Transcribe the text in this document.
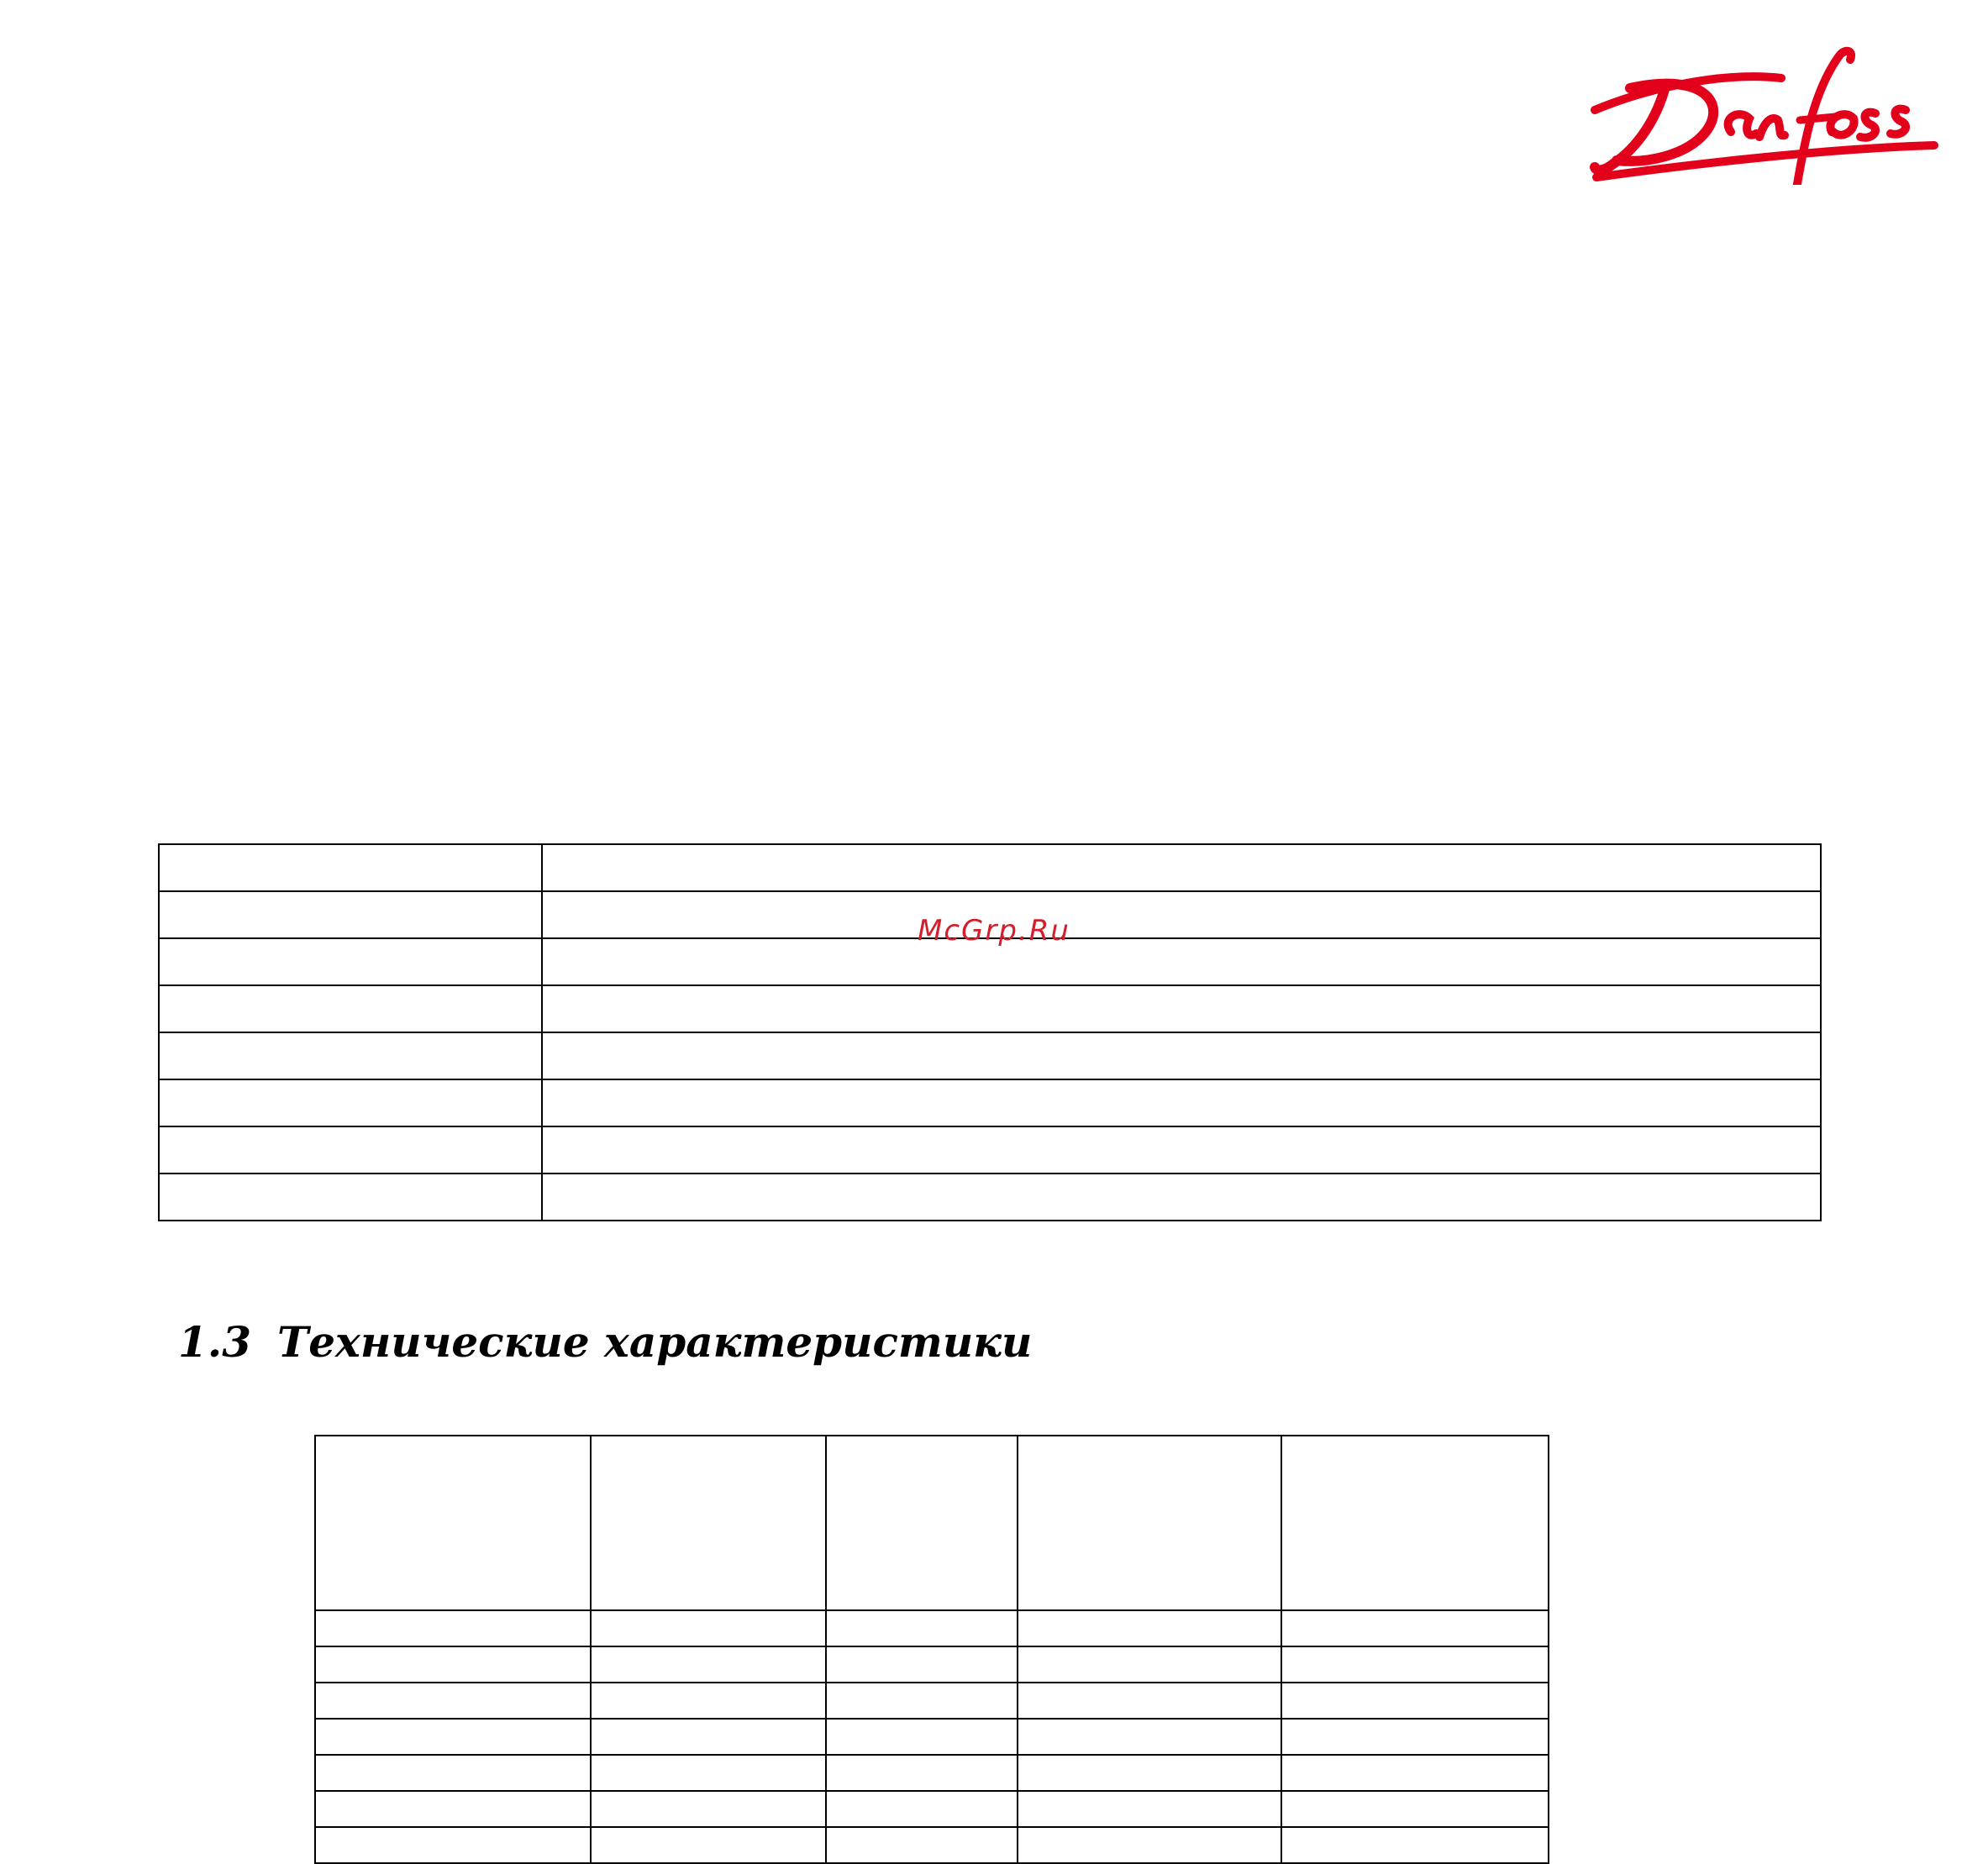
McGrp.Ru
1.3 Технические характеристики
